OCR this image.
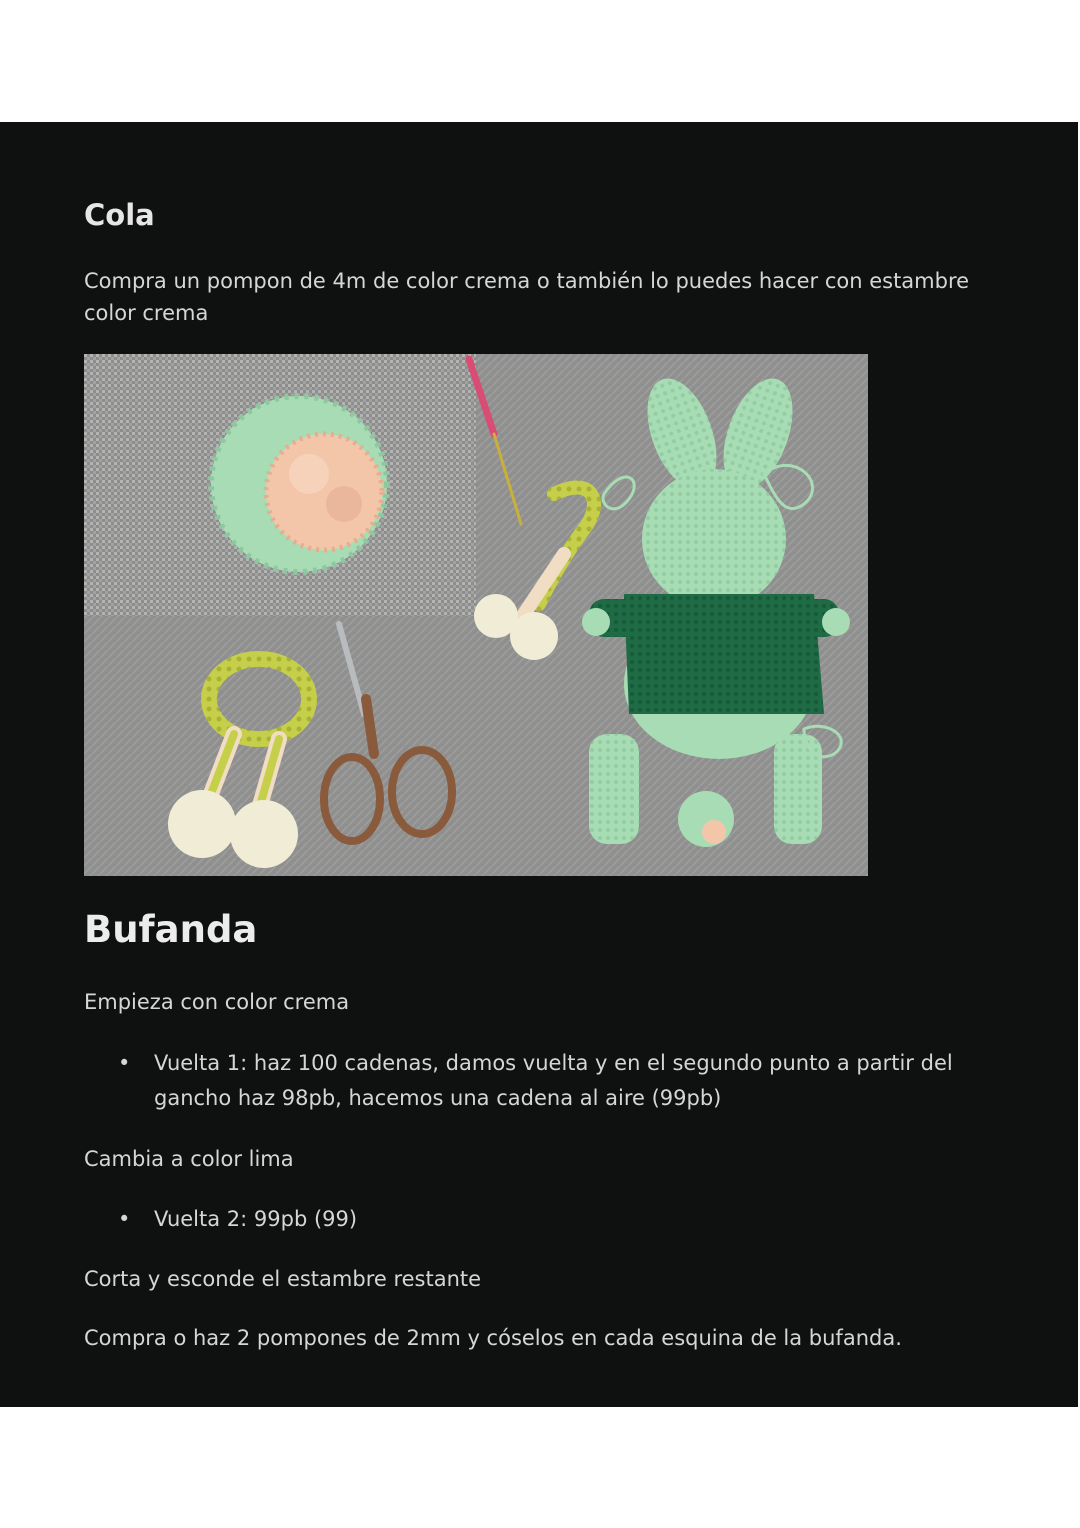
Cola

Compra un pompon de 4m de color crema o también lo puedes hacer con estambre color crema

Bufanda

Empieza con color crema

• Vuelta 1: haz 100 cadenas, damos vuelta y en el segundo punto a partir del gancho haz 98pb, hacemos una cadena al aire (99pb)

Cambia a color lima

• Vuelta 2: 99pb (99)

Corta y esconde el estambre restante

Compra o haz 2 pompones de 2mm y cóselos en cada esquina de la bufanda.
